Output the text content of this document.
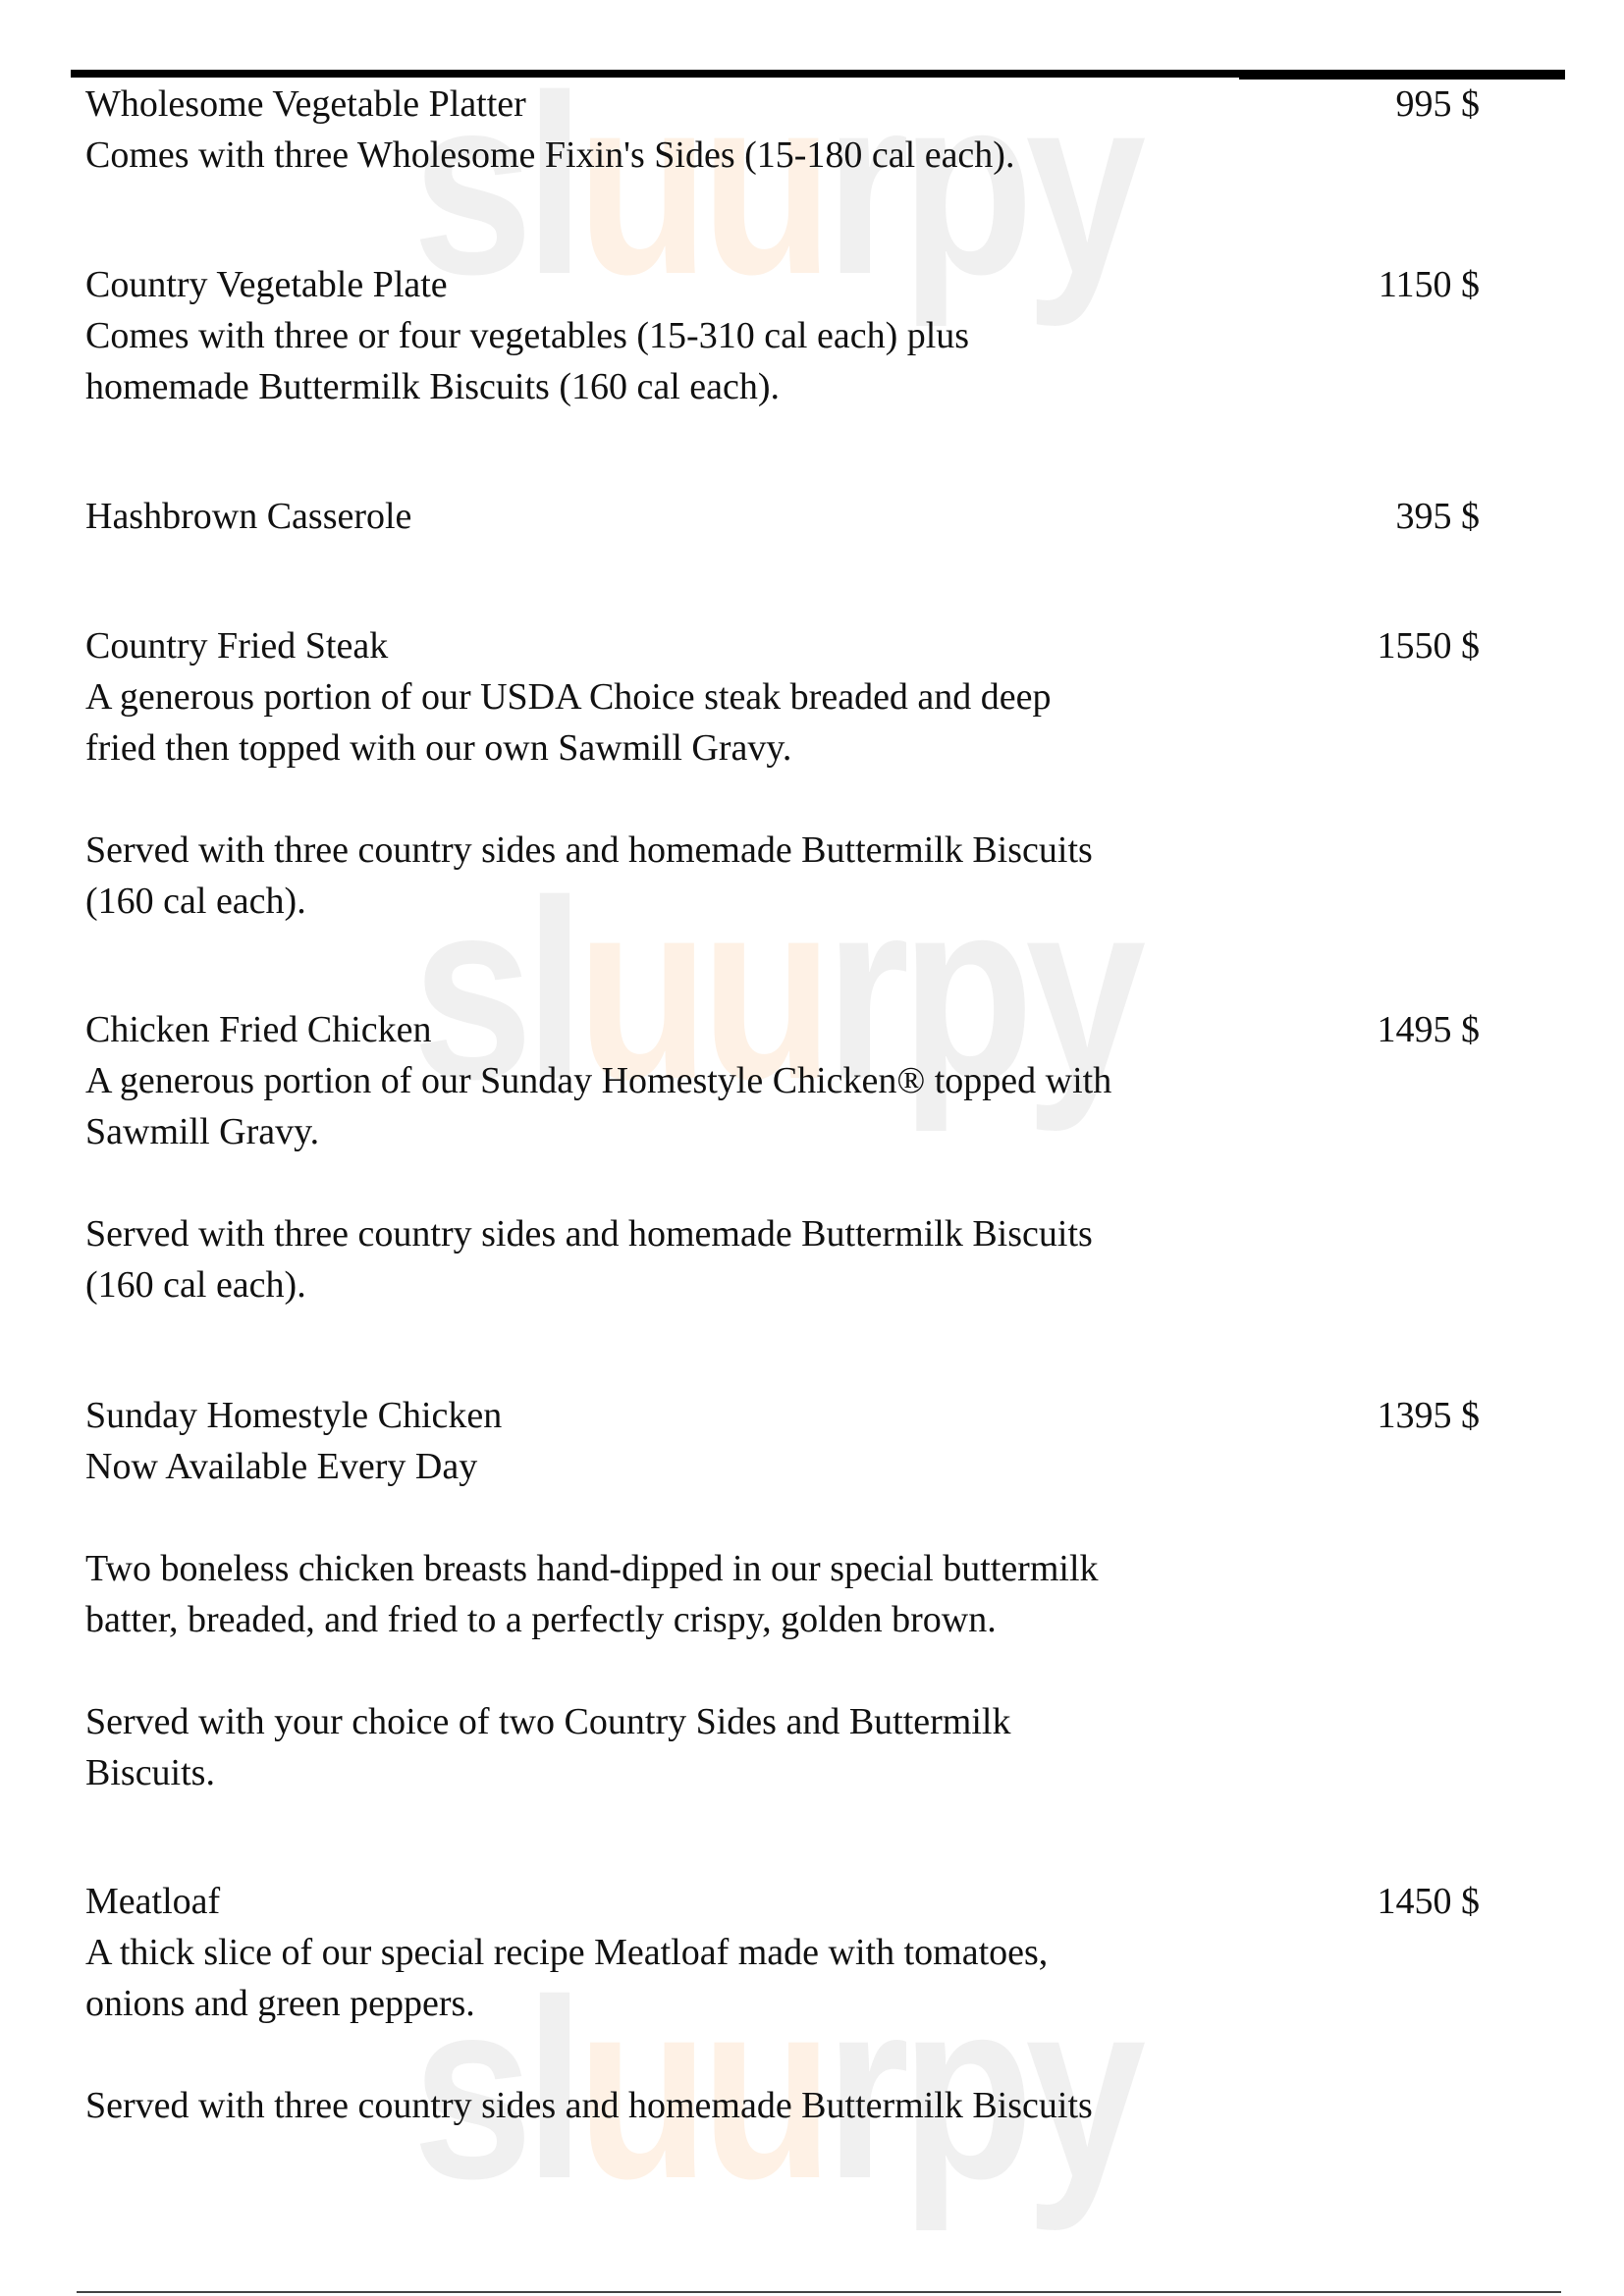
sluurpy
sluurpy
sluurpy
Wholesome Vegetable Platter	995 $
Comes with three Wholesome Fixin's Sides (15-180 cal each).
Country Vegetable Plate	1150 $
Comes with three or four vegetables (15-310 cal each) plus
homemade Buttermilk Biscuits (160 cal each).
Hashbrown Casserole	395 $
Country Fried Steak	1550 $
A generous portion of our USDA Choice steak breaded and deep
fried then topped with our own Sawmill Gravy.
Served with three country sides and homemade Buttermilk Biscuits
(160 cal each).
Chicken Fried Chicken	1495 $
A generous portion of our Sunday Homestyle Chicken® topped with
Sawmill Gravy.
Served with three country sides and homemade Buttermilk Biscuits
(160 cal each).
Sunday Homestyle Chicken	1395 $
Now Available Every Day
Two boneless chicken breasts hand-dipped in our special buttermilk
batter, breaded, and fried to a perfectly crispy, golden brown.
Served with your choice of two Country Sides and Buttermilk
Biscuits.
Meatloaf	1450 $
A thick slice of our special recipe Meatloaf made with tomatoes,
onions and green peppers.
Served with three country sides and homemade Buttermilk Biscuits
